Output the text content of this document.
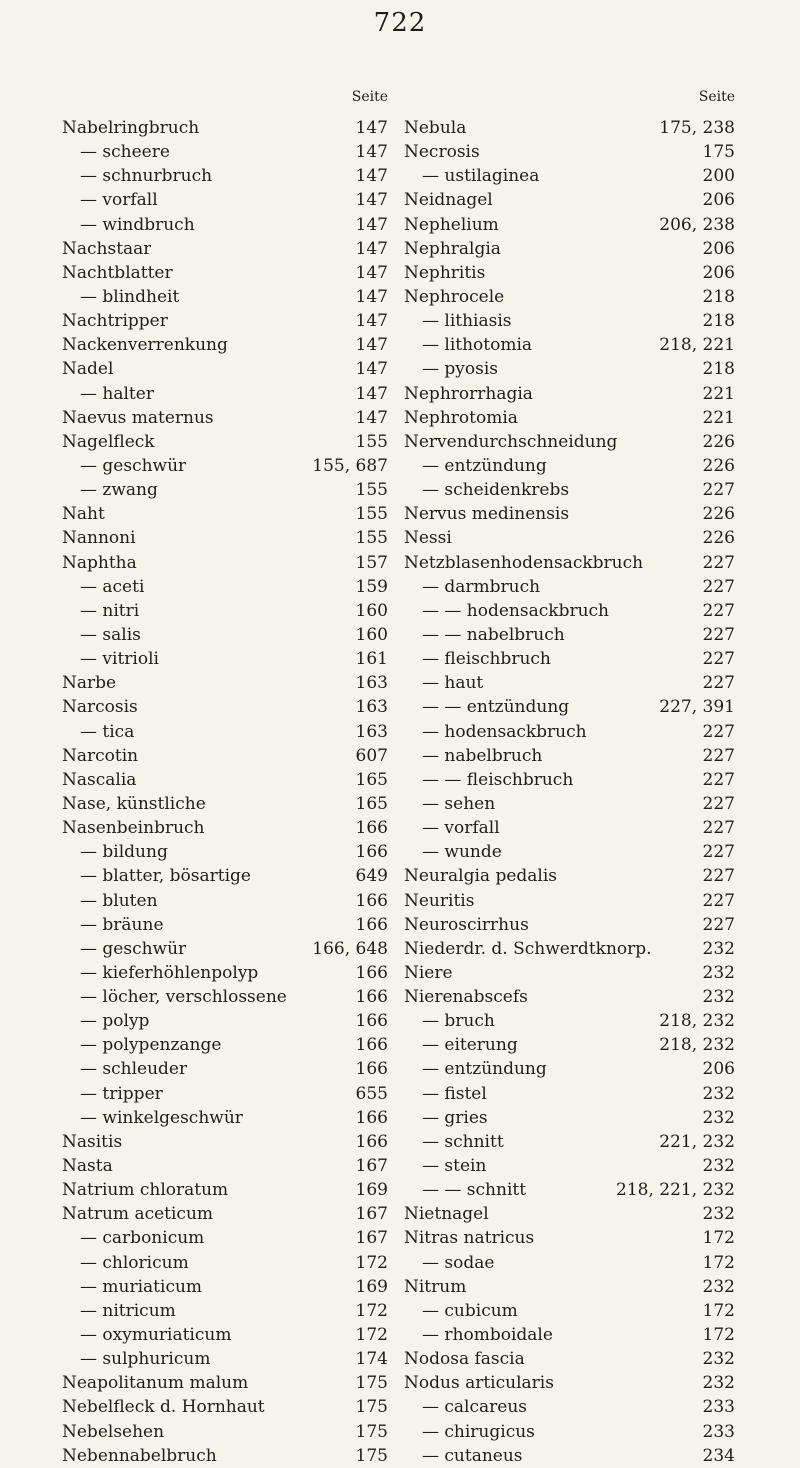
722
Seite	Seite
Nabelringbruch	147
— scheere	147
— schnurbruch	147
— vorfall	147
— windbruch	147
Nachstaar	147
Nachtblatter	147
— blindheit	147
Nachtripper	147
Nackenverrenkung	147
Nadel	147
— halter	147
Naevus maternus	147
Nagelfleck	155
— geschwür	155, 687
— zwang	155
Naht	155
Nannoni	155
Naphtha	157
— aceti	159
— nitri	160
— salis	160
— vitrioli	161
Narbe	163
Narcosis	163
— tica	163
Narcotin	607
Nascalia	165
Nase, künstliche	165
Nasenbeinbruch	166
— bildung	166
— blatter, bösartige	649
— bluten	166
— bräune	166
— geschwür	166, 648
— kieferhöhlenpolyp	166
— löcher, verschlossene	166
— polyp	166
— polypenzange	166
— schleuder	166
— tripper	655
— winkelgeschwür	166
Nasitis	166
Nasta	167
Natrium chloratum	169
Natrum aceticum	167
— carbonicum	167
— chloricum	172
— muriaticum	169
— nitricum	172
— oxymuriaticum	172
— sulphuricum	174
Neapolitanum malum	175
Nebelfleck d. Hornhaut	175
Nebelsehen	175
Nebennabelbruch	175
Nebula	175, 238
Necrosis	175
— ustilaginea	200
Neidnagel	206
Nephelium	206, 238
Nephralgia	206
Nephritis	206
Nephrocele	218
— lithiasis	218
— lithotomia	218, 221
— pyosis	218
Nephrorrhagia	221
Nephrotomia	221
Nervendurchschneidung	226
— entzündung	226
— scheidenkrebs	227
Nervus medinensis	226
Nessi	226
Netzblasenhodensackbruch	227
— darmbruch	227
— — hodensackbruch	227
— — nabelbruch	227
— fleischbruch	227
— haut	227
— — entzündung	227, 391
— hodensackbruch	227
— nabelbruch	227
— — fleischbruch	227
— sehen	227
— vorfall	227
— wunde	227
Neuralgia pedalis	227
Neuritis	227
Neuroscirrhus	227
Niederdr. d. Schwerdtknorp.	232
Niere	232
Nierenabscefs	232
— bruch	218, 232
— eiterung	218, 232
— entzündung	206
— fistel	232
— gries	232
— schnitt	221, 232
— stein	232
— — schnitt	218, 221, 232
Nietnagel	232
Nitras natricus	172
— sodae	172
Nitrum	232
— cubicum	172
— rhomboidale	172
Nodosa fascia	232
Nodus articularis	232
— calcareus	233
— chirugicus	233
— cutaneus	234
